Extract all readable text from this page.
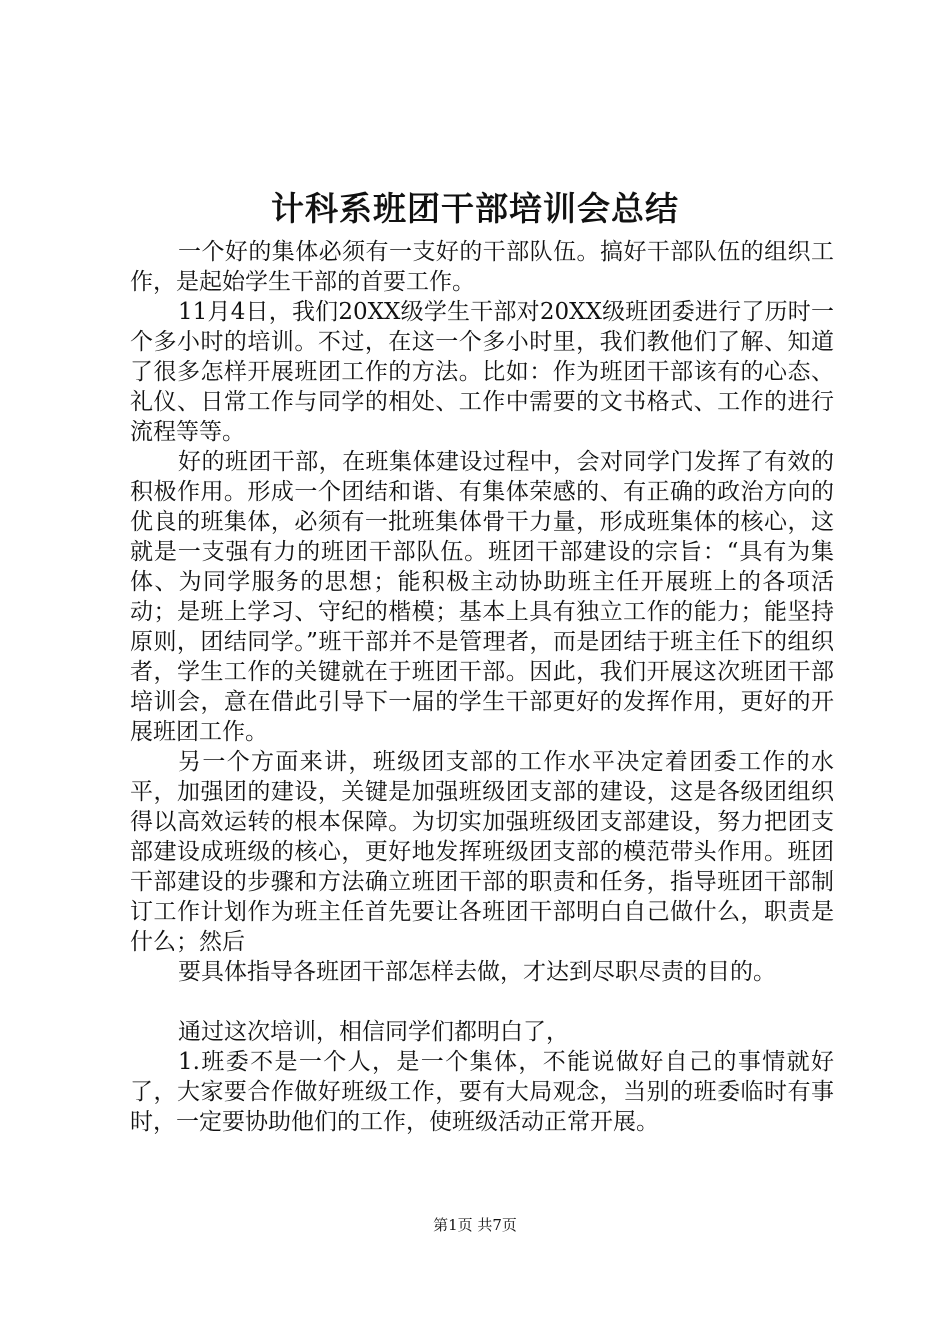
计科系班团干部培训会总结

一个好的集体必须有一支好的干部队伍。搞好干部队伍的组织工作，是起始学生干部的首要工作。

11月4日，我们20XX级学生干部对20XX级班团委进行了历时一个多小时的培训。不过，在这一个多小时里，我们教他们了解、知道了很多怎样开展班团工作的方法。比如：作为班团干部该有的心态、礼仪、日常工作与同学的相处、工作中需要的文书格式、工作的进行流程等等。

好的班团干部，在班集体建设过程中，会对同学门发挥了有效的积极作用。形成一个团结和谐、有集体荣感的、有正确的政治方向的优良的班集体，必须有一批班集体骨干力量，形成班集体的核心，这就是一支强有力的班团干部队伍。班团干部建设的宗旨：“具有为集体、为同学服务的思想；能积极主动协助班主任开展班上的各项活动；是班上学习、守纪的楷模；基本上具有独立工作的能力；能坚持原则，团结同学。”班干部并不是管理者，而是团结于班主任下的组织者，学生工作的关键就在于班团干部。因此，我们开展这次班团干部培训会，意在借此引导下一届的学生干部更好的发挥作用，更好的开展班团工作。

另一个方面来讲，班级团支部的工作水平决定着团委工作的水平，加强团的建设，关键是加强班级团支部的建设，这是各级团组织得以高效运转的根本保障。为切实加强班级团支部建设，努力把团支部建设成班级的核心，更好地发挥班级团支部的模范带头作用。班团干部建设的步骤和方法确立班团干部的职责和任务，指导班团干部制订工作计划作为班主任首先要让各班团干部明白自己做什么，职责是什么；然后

要具体指导各班团干部怎样去做，才达到尽职尽责的目的。

通过这次培训，相信同学们都明白了，

1.班委不是一个人，是一个集体，不能说做好自己的事情就好了，大家要合作做好班级工作，要有大局观念，当别的班委临时有事时，一定要协助他们的工作，使班级活动正常开展。

第1页 共7页
